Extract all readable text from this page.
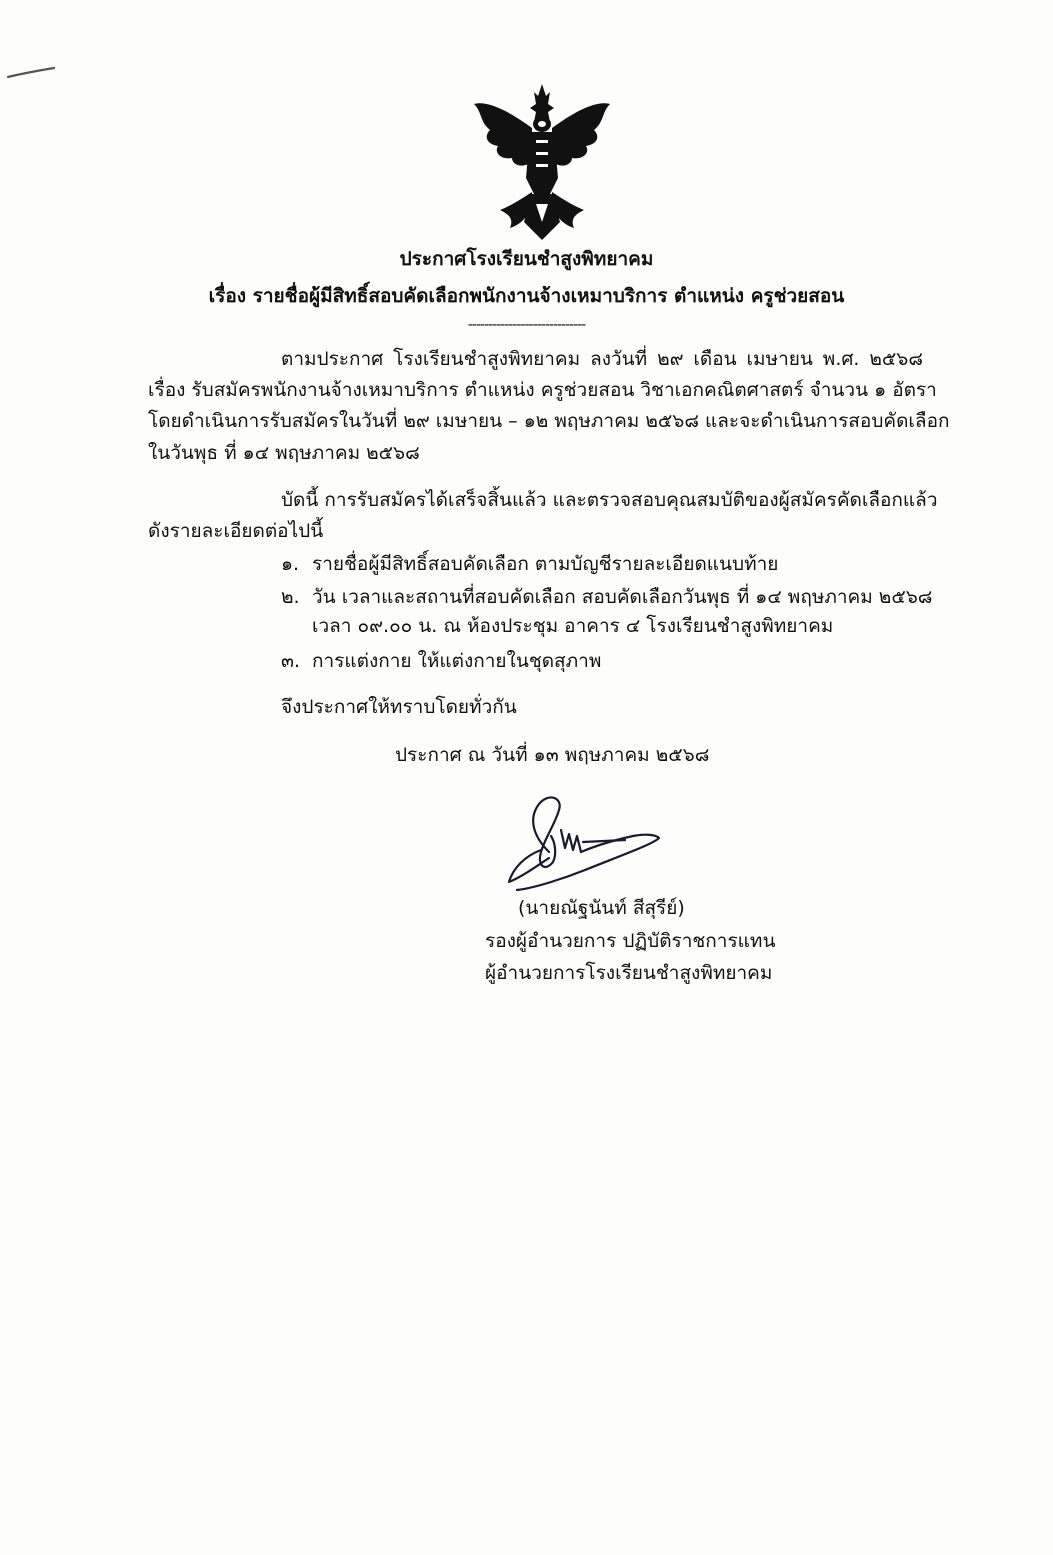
ประกาศโรงเรียนชำสูงพิทยาคม
เรื่อง รายชื่อผู้มีสิทธิ์สอบคัดเลือกพนักงานจ้างเหมาบริการ ตำแหน่ง ครูช่วยสอน
-----------------------------
ตามประกาศ โรงเรียนชำสูงพิทยาคม ลงวันที่ ๒๙ เดือน เมษายน พ.ศ. ๒๕๖๘
เรื่อง รับสมัครพนักงานจ้างเหมาบริการ ตำแหน่ง ครูช่วยสอน วิชาเอกคณิตศาสตร์ จำนวน ๑ อัตรา
โดยดำเนินการรับสมัครในวันที่ ๒๙ เมษายน – ๑๒ พฤษภาคม ๒๕๖๘ และจะดำเนินการสอบคัดเลือก
ในวันพุธ ที่ ๑๔ พฤษภาคม ๒๕๖๘
บัดนี้ การรับสมัครได้เสร็จสิ้นแล้ว และตรวจสอบคุณสมบัติของผู้สมัครคัดเลือกแล้ว
ดังรายละเอียดต่อไปนี้
๑. รายชื่อผู้มีสิทธิ์สอบคัดเลือก ตามบัญชีรายละเอียดแนบท้าย
๒. วัน เวลาและสถานที่สอบคัดเลือก สอบคัดเลือกวันพุธ ที่ ๑๔ พฤษภาคม ๒๕๖๘
เวลา ๐๙.๐๐ น. ณ ห้องประชุม อาคาร ๔ โรงเรียนชำสูงพิทยาคม
๓. การแต่งกาย ให้แต่งกายในชุดสุภาพ
จึงประกาศให้ทราบโดยทั่วกัน
ประกาศ ณ วันที่ ๑๓ พฤษภาคม ๒๕๖๘
(นายณัฐนันท์ สีสุรีย์)
รองผู้อำนวยการ ปฏิบัติราชการแทน
ผู้อำนวยการโรงเรียนชำสูงพิทยาคม
